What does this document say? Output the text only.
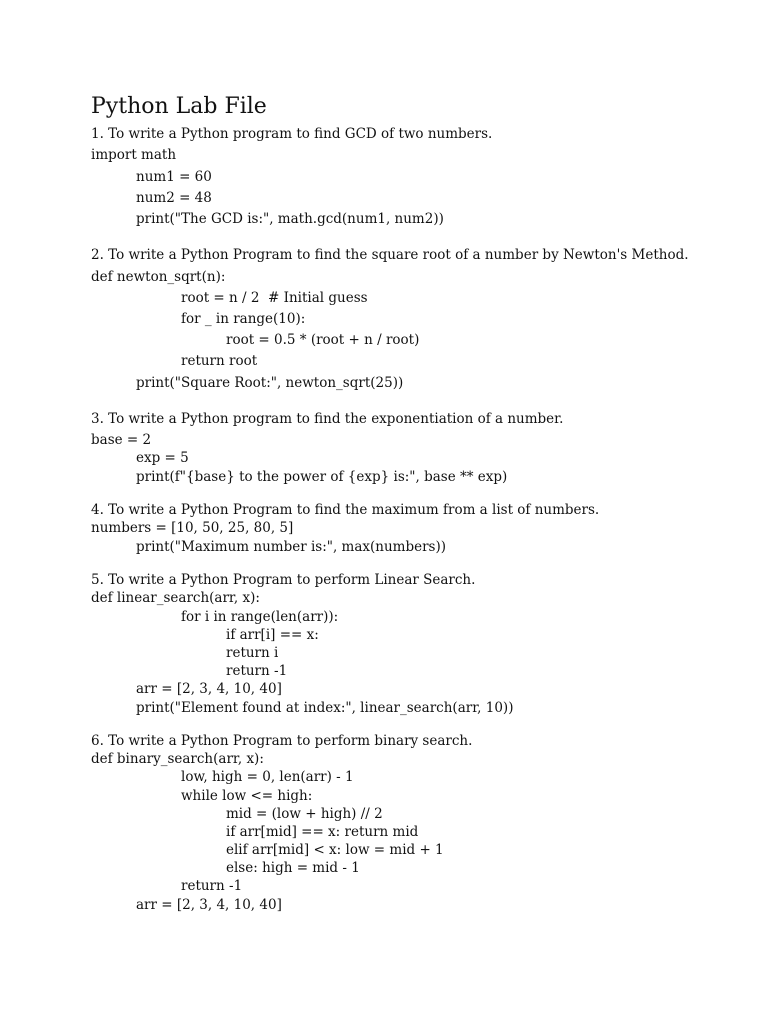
Python Lab File
1. To write a Python program to find GCD of two numbers.
import math
num1 = 60
num2 = 48
print("The GCD is:", math.gcd(num1, num2))
2. To write a Python Program to find the square root of a number by Newton's Method.
def newton_sqrt(n):
root = n / 2  # Initial guess
for _ in range(10):
root = 0.5 * (root + n / root)
return root
print("Square Root:", newton_sqrt(25))
3. To write a Python program to find the exponentiation of a number.
base = 2
exp = 5
print(f"{base} to the power of {exp} is:", base ** exp)
4. To write a Python Program to find the maximum from a list of numbers.
numbers = [10, 50, 25, 80, 5]
print("Maximum number is:", max(numbers))
5. To write a Python Program to perform Linear Search.
def linear_search(arr, x):
for i in range(len(arr)):
if arr[i] == x:
return i
return -1
arr = [2, 3, 4, 10, 40]
print("Element found at index:", linear_search(arr, 10))
6. To write a Python Program to perform binary search.
def binary_search(arr, x):
low, high = 0, len(arr) - 1
while low <= high:
mid = (low + high) // 2
if arr[mid] == x: return mid
elif arr[mid] < x: low = mid + 1
else: high = mid - 1
return -1
arr = [2, 3, 4, 10, 40]
